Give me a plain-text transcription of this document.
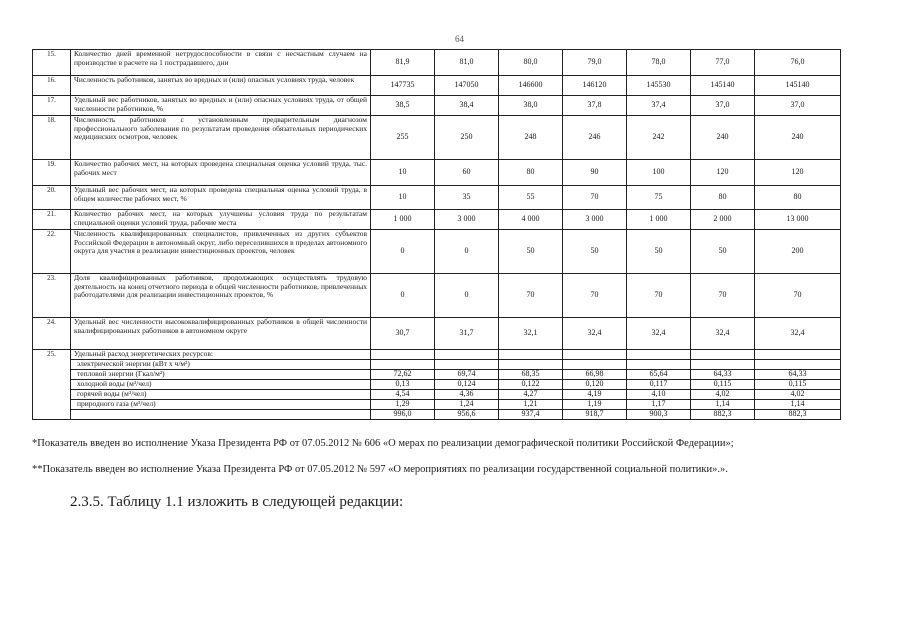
64
15.	Количество дней временной нетрудоспособности в связи с несчастным случаем на производстве в расчете на 1 пострадавшего, дни	81,9	81,0	80,0	79,0	78,0	77,0	76,0
16.	Численность работников, занятых во вредных и (или) опасных условиях труда, человек	147735	147050	146600	146120	145530	145140	145140
17.	Удельный вес работников, занятых во вредных и (или) опасных условиях труда, от общей численности работников, %	38,5	38,4	38,0	37,8	37,4	37,0	37,0
18.	Численность работников с установленным предварительным диагнозом профессионального заболевания по результатам проведения обязательных периодических медицинских осмотров, человек	255	250	248	246	242	240	240
19.	Количество рабочих мест, на которых проведена специальная оценка условий труда, тыс. рабочих мест	10	60	80	90	100	120	120
20.	Удельный вес рабочих мест, на которых проведена специальная оценка условий труда, в общем количестве рабочих мест, %	10	35	55	70	75	80	80
21.	Количество рабочих мест, на которых улучшены условия труда по результатам специальной оценки условий труда, рабочие места	1 000	3 000	4 000	3 000	1 000	2 000	13 000
22.	Численность квалифицированных специалистов, привлеченных из других субъектов Российской Федерации в автономный округ, либо переселившихся в пределах автономного округа для участия в реализации инвестиционных проектов, человек	0	0	50	50	50	50	200
23.	Доля квалифицированных работников, продолжающих осуществлять трудовую деятельность на конец отчетного периода в общей численности работников, привлеченных работодателями для реализации инвестиционных проектов, %	0	0	70	70	70	70	70
24.	Удельный вес численности высококвалифицированных работников в общей численности квалифицированных работников в автономном округе	30,7	31,7	32,1	32,4	32,4	32,4	32,4
25.	Удельный расход энергетических ресурсов:							
	электрической энергии (кВт х ч/м²)							
	тепловой энергии (Гкал/м²)	72,62	69,74	68,35	66,98	65,64	64,33	64,33
	холодной воды (м³/чел)	0,13	0,124	0,122	0,120	0,117	0,115	0,115
	горячей воды (м³/чел)	4,54	4,36	4,27	4,19	4,10	4,02	4,02
	природного газа (м³/чел)	1,29	1,24	1,21	1,19	1,17	1,14	1,14
		996,0	956,6	937,4	918,7	900,3	882,3	882,3
*Показатель введен во исполнение Указа Президента РФ от 07.05.2012 № 606 «О мерах по реализации демографической политики Российской Федерации»;
**Показатель введен во исполнение Указа Президента РФ от 07.05.2012 № 597 «О мероприятиях по реализации государственной социальной политики».».
2.3.5. Таблицу 1.1 изложить в следующей редакции:
